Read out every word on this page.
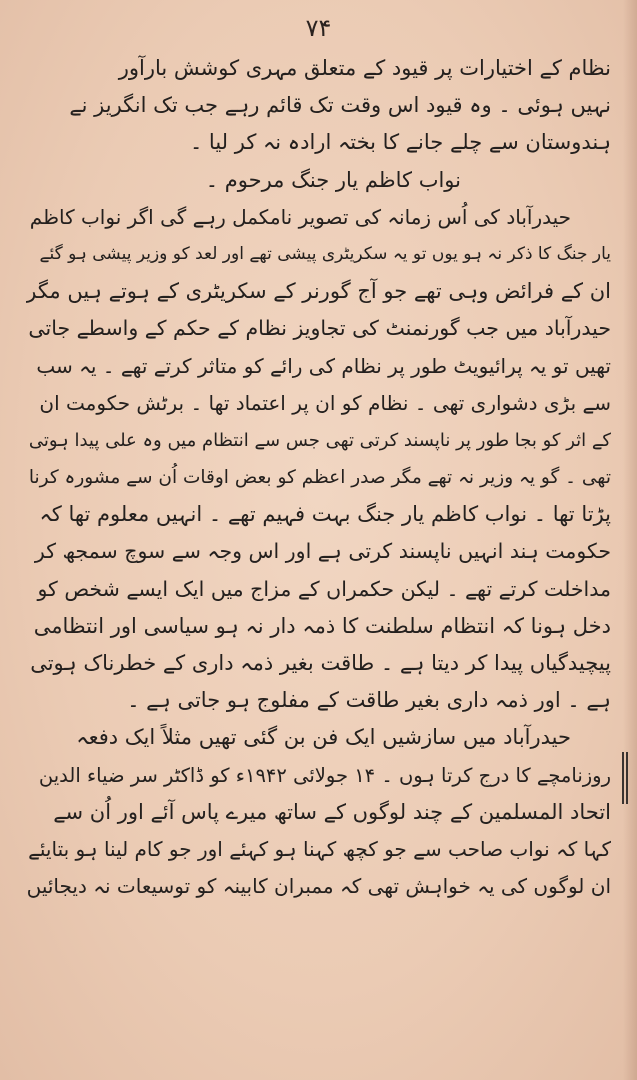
۷۴
نظام کے اختیارات پر قیود کے متعلق مہری کوشش بارآور
نہیں ہوئی ۔ وہ قیود اس وقت تک قائم رہے جب تک انگریز نے
ہندوستان سے چلے جانے کا بختہ ارادہ نہ کر لیا ۔
نواب کاظم یار جنگ مرحوم ۔
حیدرآباد کی اُس زمانہ کی تصویر نامکمل رہے گی اگر نواب کاظم
یار جنگ کا ذکر نہ ہو یوں تو یہ سکریٹری پیشی تھے اور لعد کو وزیر پیشی ہو گئے
ان کے فرائض وہی تھے جو آج گورنر کے سکریٹری کے ہوتے ہیں مگر
حیدرآباد میں جب گورنمنٹ کی تجاویز نظام کے حکم کے واسطے جاتی
تھیں تو یہ پرائیویٹ طور پر نظام کی رائے کو متاثر کرتے تھے ۔ یہ سب
سے بڑی دشواری تھی ۔ نظام کو ان پر اعتماد تھا ۔ برٹش حکومت ان
کے اثر کو بجا طور پر ناپسند کرتی تھی جس سے انتظام میں وہ علی پیدا ہوتی
تھی ۔ گو یہ وزیر نہ تھے مگر صدر اعظم کو بعض اوقات اُن سے مشورہ کرنا
پڑتا تھا ۔ نواب کاظم یار جنگ بہت فہیم تھے ۔ انہیں معلوم تھا کہ
حکومت ہند انہیں ناپسند کرتی ہے اور اس وجہ سے سوچ سمجھ کر
مداخلت کرتے تھے ۔ لیکن حکمراں کے مزاج میں ایک ایسے شخص کو
دخل ہونا کہ انتظام سلطنت کا ذمہ دار نہ ہو سیاسی اور انتظامی
پیچیدگیاں پیدا کر دیتا ہے ۔ طاقت بغیر ذمہ داری کے خطرناک ہوتی
ہے ۔ اور ذمہ داری بغیر طاقت کے مفلوج ہو جاتی ہے ۔
حیدرآباد میں سازشیں ایک فن بن گئی تھیں مثلاً ایک دفعہ
روزنامچے کا درج کرتا ہوں ۔ ۱۴ جولائی ۱۹۴۲ء کو ڈاکٹر سر ضیاء الدین
اتحاد المسلمین کے چند لوگوں کے ساتھ میرے پاس آئے اور اُن سے
کہا کہ نواب صاحب سے جو کچھ کہنا ہو کہئے اور جو کام لینا ہو بتایئے
ان لوگوں کی یہ خواہش تھی کہ ممبران کابینہ کو توسیعات نہ دیجائیں
